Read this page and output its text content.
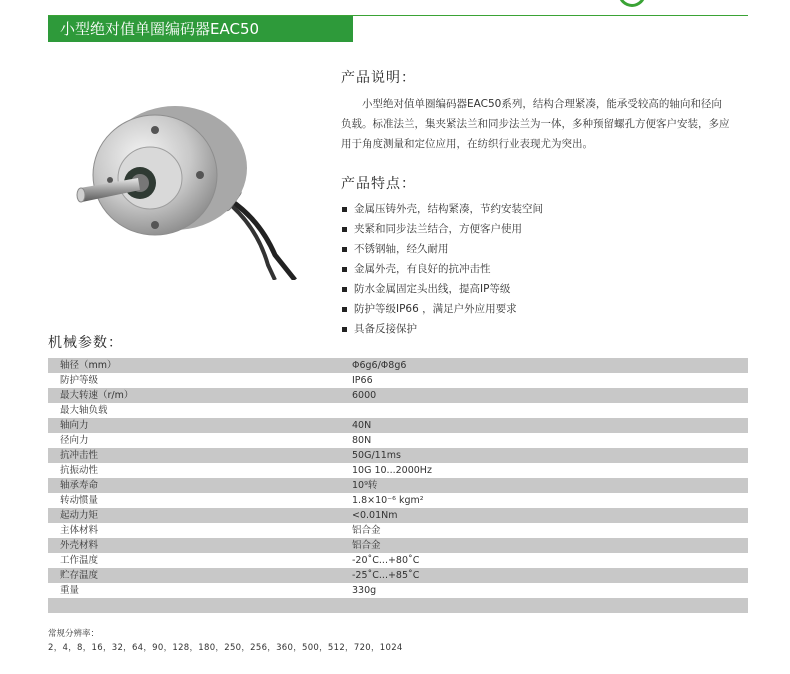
小型绝对值单圈编码器EAC50
产品说明：
小型绝对值单圈编码器EAC50系列，结构合理紧凑，能承受较高的轴向和径向负载。标准法兰，集夹紧法兰和同步法兰为一体，多种预留螺孔方便客户安装，多应用于角度测量和定位应用，在纺织行业表现尤为突出。
产品特点：
金属压铸外壳，结构紧凑，节约安装空间
夹紧和同步法兰结合，方便客户使用
不锈钢轴，经久耐用
金属外壳，有良好的抗冲击性
防水金属固定头出线，提高IP等级
防护等级IP66 ，满足户外应用要求
具备反接保护
机械参数：
轴径（mm）	Φ6g6/Φ8g6
防护等级	IP66
最大转速（r/m）	6000
最大轴负载	
轴向力	40N
径向力	80N
抗冲击性	50G/11ms
抗振动性	10G 10...2000Hz
轴承寿命	10⁹转
转动惯量	1.8×10⁻⁶ kgm²
起动力矩	<0.01Nm
主体材料	铝合金
外壳材料	铝合金
工作温度	-20˚C...+80˚C
贮存温度	-25˚C...+85˚C
重量	330g

常规分辨率：
2，4，8，16，32，64，90，128，180，250，256，360，500，512，720，1024
